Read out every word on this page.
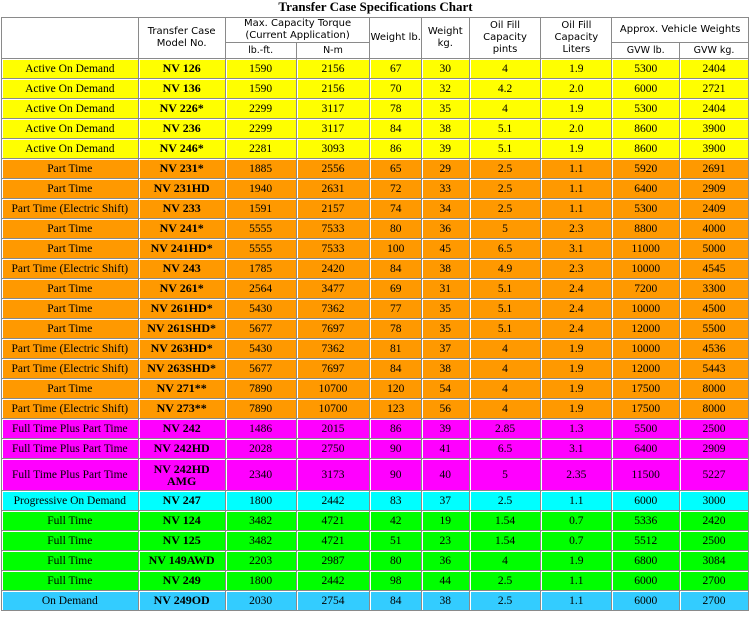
Transfer Case Specifications Chart
	Transfer Case Model No.	Max. Capacity Torque (Current Application)		Weight lb.	Weight kg.	Oil Fill Capacity pints	Oil Fill Capacity Liters	Approx. Vehicle Weights	
		lb.-ft.	N-m					GVW lb.	GVW kg.
Active On Demand	NV 126	1590	2156	67	30	4	1.9	5300	2404
Active On Demand	NV 136	1590	2156	70	32	4.2	2.0	6000	2721
Active On Demand	NV 226*	2299	3117	78	35	4	1.9	5300	2404
Active On Demand	NV 236	2299	3117	84	38	5.1	2.0	8600	3900
Active On Demand	NV 246*	2281	3093	86	39	5.1	1.9	8600	3900
Part Time	NV 231*	1885	2556	65	29	2.5	1.1	5920	2691
Part Time	NV 231HD	1940	2631	72	33	2.5	1.1	6400	2909
Part Time (Electric Shift)	NV 233	1591	2157	74	34	2.5	1.1	5300	2409
Part Time	NV 241*	5555	7533	80	36	5	2.3	8800	4000
Part Time	NV 241HD*	5555	7533	100	45	6.5	3.1	11000	5000
Part Time (Electric Shift)	NV 243	1785	2420	84	38	4.9	2.3	10000	4545
Part Time	NV 261*	2564	3477	69	31	5.1	2.4	7200	3300
Part Time	NV 261HD*	5430	7362	77	35	5.1	2.4	10000	4500
Part Time	NV 261SHD*	5677	7697	78	35	5.1	2.4	12000	5500
Part Time (Electric Shift)	NV 263HD*	5430	7362	81	37	4	1.9	10000	4536
Part Time (Electric Shift)	NV 263SHD*	5677	7697	84	38	4	1.9	12000	5443
Part Time	NV 271**	7890	10700	120	54	4	1.9	17500	8000
Part Time (Electric Shift)	NV 273**	7890	10700	123	56	4	1.9	17500	8000
Full Time Plus Part Time	NV 242	1486	2015	86	39	2.85	1.3	5500	2500
Full Time Plus Part Time	NV 242HD	2028	2750	90	41	6.5	3.1	6400	2909
Full Time Plus Part Time	NV 242HD AMG	2340	3173	90	40	5	2.35	11500	5227
Progressive On Demand	NV 247	1800	2442	83	37	2.5	1.1	6000	3000
Full Time	NV 124	3482	4721	42	19	1.54	0.7	5336	2420
Full Time	NV 125	3482	4721	51	23	1.54	0.7	5512	2500
Full Time	NV 149AWD	2203	2987	80	36	4	1.9	6800	3084
Full Time	NV 249	1800	2442	98	44	2.5	1.1	6000	2700
On Demand	NV 249OD	2030	2754	84	38	2.5	1.1	6000	2700
